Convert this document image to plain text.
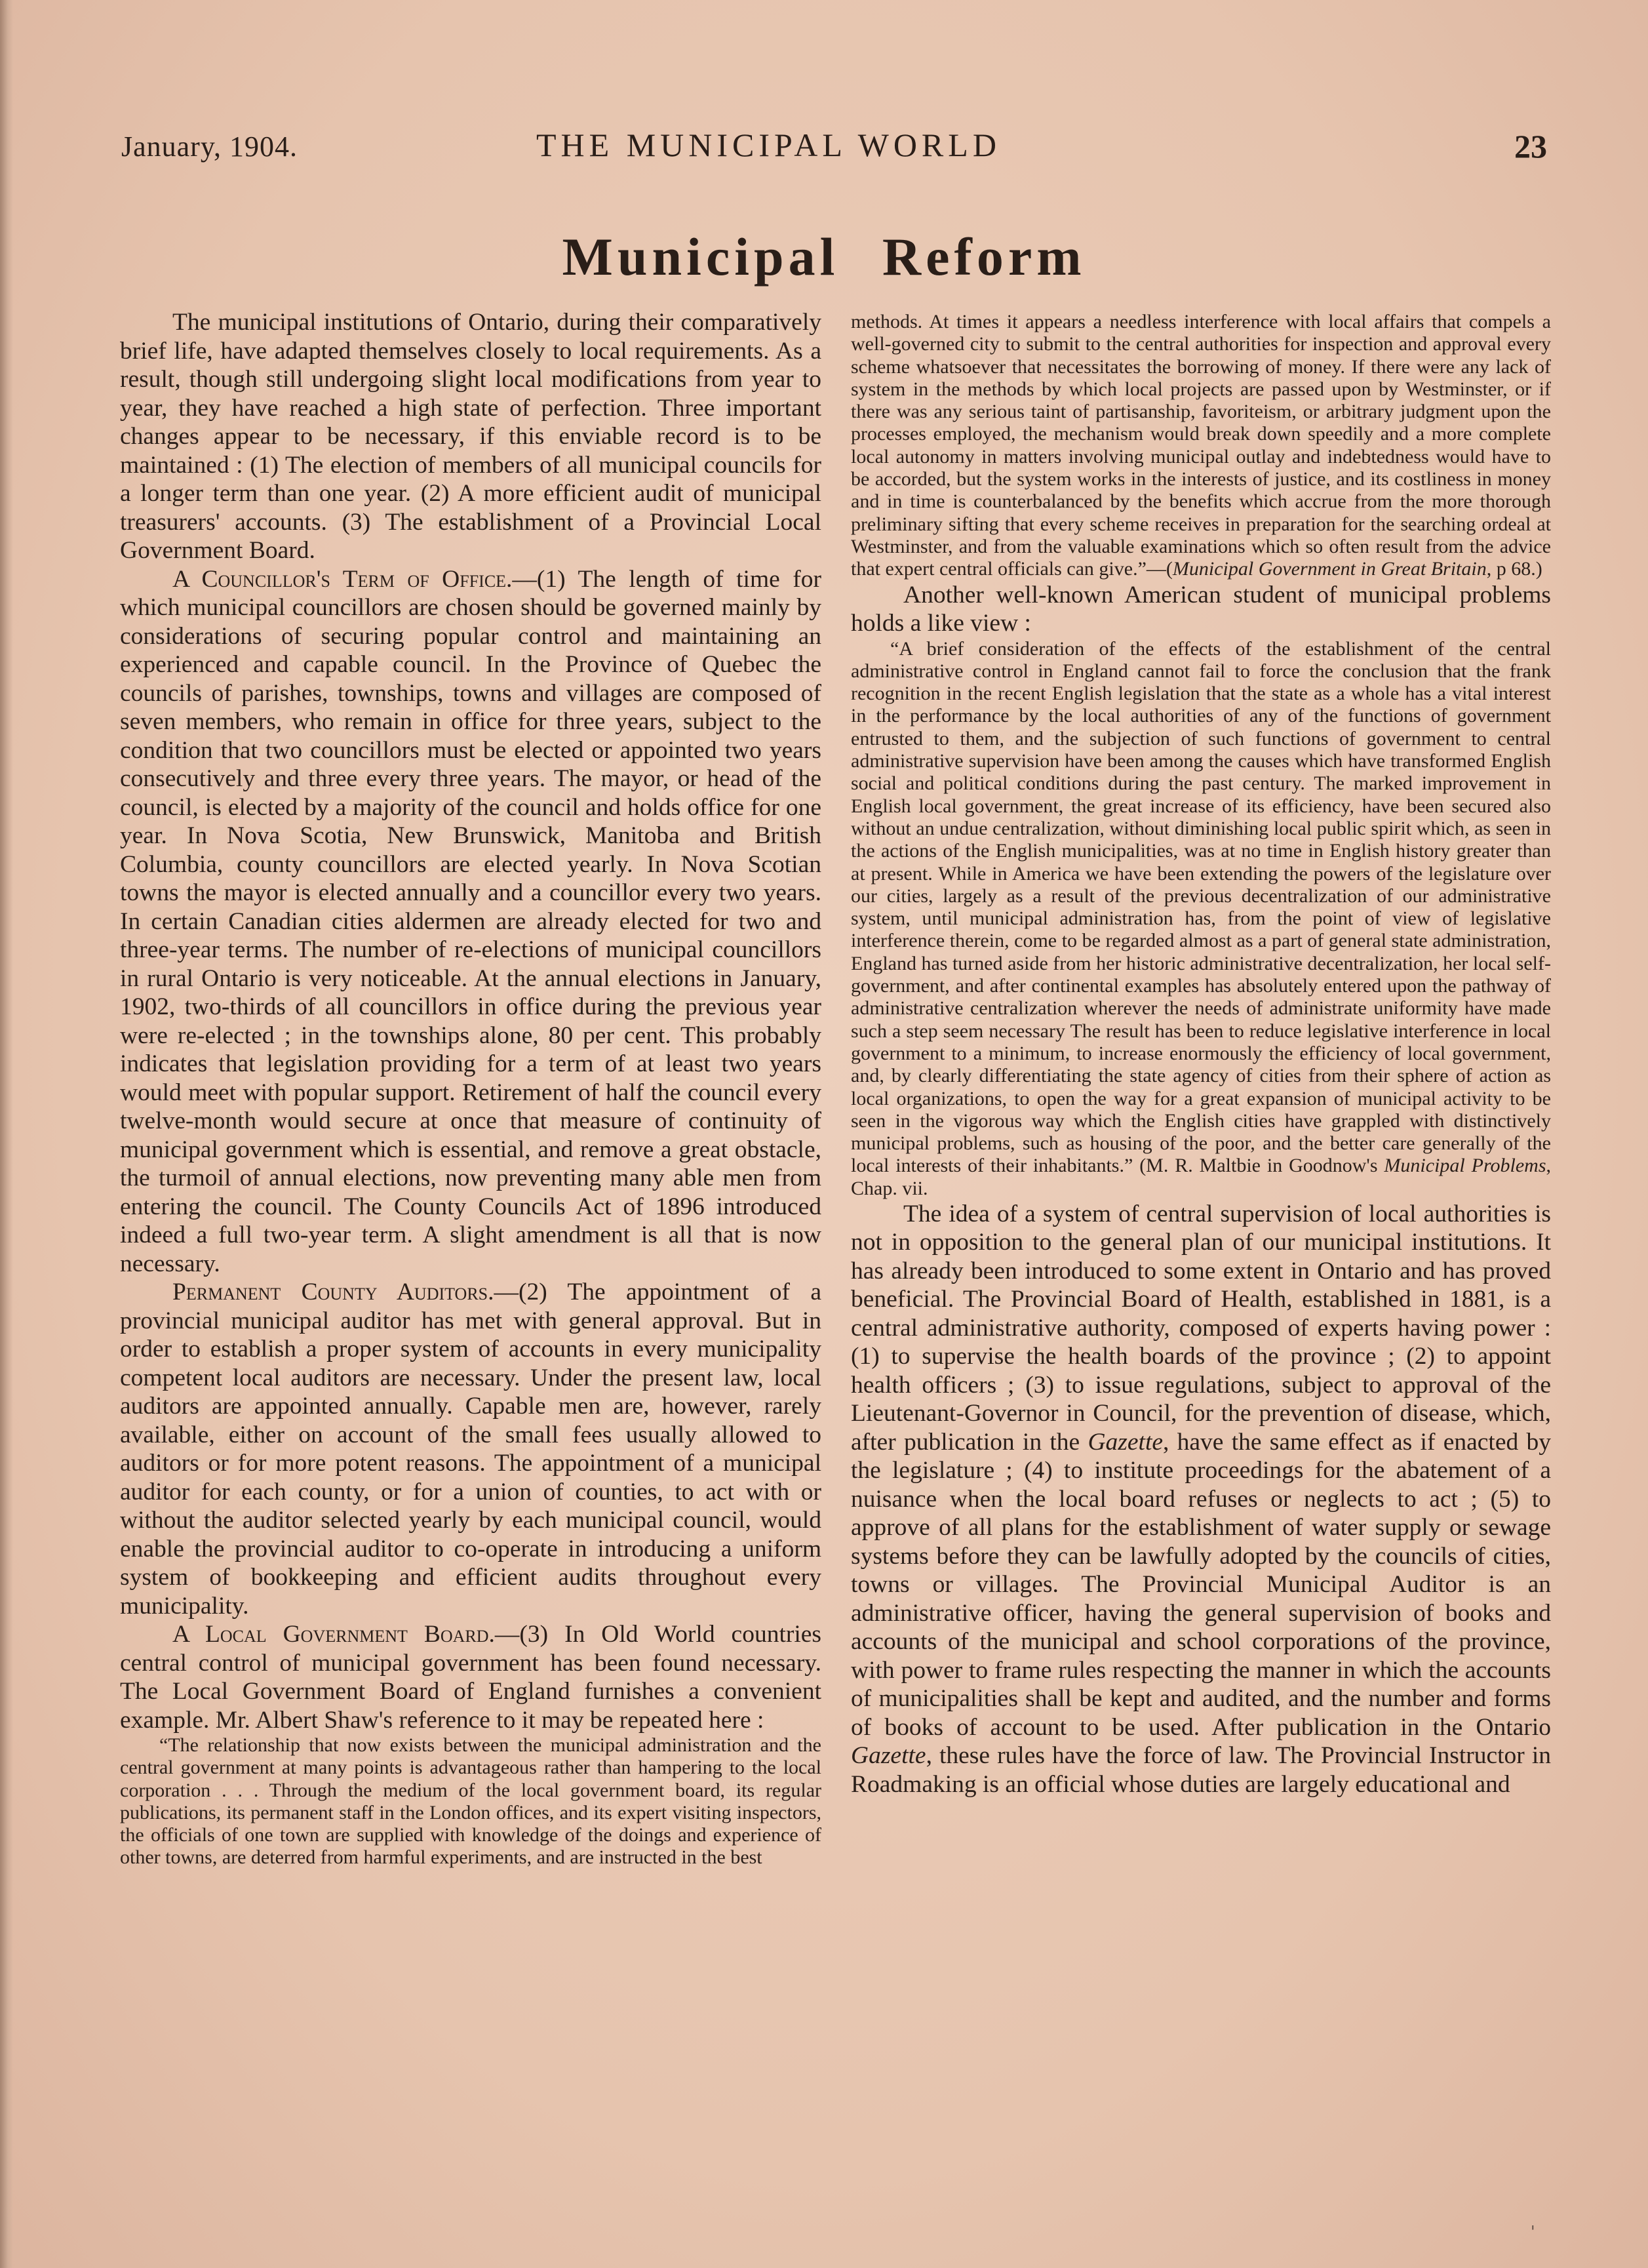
January, 1904.	THE MUNICIPAL WORLD	23
Municipal Reform

The municipal institutions of Ontario, during their comparatively brief life, have adapted themselves closely to local requirements. As a result, though still undergoing slight local modifications from year to year, they have reached a high state of perfection. Three important changes appear to be necessary, if this enviable record is to be maintained : (1) The election of members of all municipal councils for a longer term than one year. (2) A more efficient audit of municipal treasurers' accounts. (3) The establishment of a Provincial Local Government Board.

A Councillor's Term of Office.—(1) The length of time for which municipal councillors are chosen should be governed mainly by considerations of securing popular control and maintaining an experienced and capable council. In the Province of Quebec the councils of parishes, townships, towns and villages are composed of seven members, who remain in office for three years, subject to the condition that two councillors must be elected or appointed two years consecutively and three every three years. The mayor, or head of the council, is elected by a majority of the council and holds office for one year. In Nova Scotia, New Brunswick, Manitoba and British Columbia, county councillors are elected yearly. In Nova Scotian towns the mayor is elected annually and a councillor every two years. In certain Canadian cities aldermen are already elected for two and three-year terms. The number of re-elections of municipal councillors in rural Ontario is very noticeable. At the annual elections in January, 1902, two-thirds of all councillors in office during the previous year were re-elected ; in the townships alone, 80 per cent. This probably indicates that legislation providing for a term of at least two years would meet with popular support. Retirement of half the council every twelve-month would secure at once that measure of continuity of municipal government which is essential, and remove a great obstacle, the turmoil of annual elections, now preventing many able men from entering the council. The County Councils Act of 1896 introduced indeed a full two-year term. A slight amendment is all that is now necessary.

Permanent County Auditors.—(2) The appointment of a provincial municipal auditor has met with general approval. But in order to establish a proper system of accounts in every municipality competent local auditors are necessary. Under the present law, local auditors are appointed annually. Capable men are, however, rarely available, either on account of the small fees usually allowed to auditors or for more potent reasons. The appointment of a municipal auditor for each county, or for a union of counties, to act with or without the auditor selected yearly by each municipal council, would enable the provincial auditor to co-operate in introducing a uniform system of bookkeeping and efficient audits throughout every municipality.

A Local Government Board.—(3) In Old World countries central control of municipal government has been found necessary. The Local Government Board of England furnishes a convenient example. Mr. Albert Shaw's reference to it may be repeated here :

“The relationship that now exists between the municipal administration and the central government at many points is advantageous rather than hampering to the local corporation . . . Through the medium of the local government board, its regular publications, its permanent staff in the London offices, and its expert visiting inspectors, the officials of one town are supplied with knowledge of the doings and experience of other towns, are deterred from harmful experiments, and are instructed in the best

methods. At times it appears a needless interference with local affairs that compels a well-governed city to submit to the central authorities for inspection and approval every scheme whatsoever that necessitates the borrowing of money. If there were any lack of system in the methods by which local projects are passed upon by Westminster, or if there was any serious taint of partisanship, favoriteism, or arbitrary judgment upon the processes employed, the mechanism would break down speedily and a more complete local autonomy in matters involving municipal outlay and indebtedness would have to be accorded, but the system works in the interests of justice, and its costliness in money and in time is counterbalanced by the benefits which accrue from the more thorough preliminary sifting that every scheme receives in preparation for the searching ordeal at Westminster, and from the valuable examinations which so often result from the advice that expert central officials can give.”—(Municipal Government in Great Britain, p 68.)

Another well-known American student of municipal problems holds a like view :

“A brief consideration of the effects of the establishment of the central administrative control in England cannot fail to force the conclusion that the frank recognition in the recent English legislation that the state as a whole has a vital interest in the performance by the local authorities of any of the functions of government entrusted to them, and the subjection of such functions of government to central administrative supervision have been among the causes which have transformed English social and political conditions during the past century. The marked improvement in English local government, the great increase of its efficiency, have been secured also without an undue centralization, without diminishing local public spirit which, as seen in the actions of the English municipalities, was at no time in English history greater than at present. While in America we have been extending the powers of the legislature over our cities, largely as a result of the previous decentralization of our administrative system, until municipal administration has, from the point of view of legislative interference therein, come to be regarded almost as a part of general state administration, England has turned aside from her historic administrative decentralization, her local self-government, and after continental examples has absolutely entered upon the pathway of administrative centralization wherever the needs of administrate uniformity have made such a step seem necessary The result has been to reduce legislative interference in local government to a minimum, to increase enormously the efficiency of local government, and, by clearly differentiating the state agency of cities from their sphere of action as local organizations, to open the way for a great expansion of municipal activity to be seen in the vigorous way which the English cities have grappled with distinctively municipal problems, such as housing of the poor, and the better care generally of the local interests of their inhabitants.” (M. R. Maltbie in Goodnow's Municipal Problems, Chap. vii.

The idea of a system of central supervision of local authorities is not in opposition to the general plan of our municipal institutions. It has already been introduced to some extent in Ontario and has proved beneficial. The Provincial Board of Health, established in 1881, is a central administrative authority, composed of experts having power : (1) to supervise the health boards of the province ; (2) to appoint health officers ; (3) to issue regulations, subject to approval of the Lieutenant-Governor in Council, for the prevention of disease, which, after publication in the Gazette, have the same effect as if enacted by the legislature ; (4) to institute proceedings for the abatement of a nuisance when the local board refuses or neglects to act ; (5) to approve of all plans for the establishment of water supply or sewage systems before they can be lawfully adopted by the councils of cities, towns or villages. The Provincial Municipal Auditor is an administrative officer, having the general supervision of books and accounts of the municipal and school corporations of the province, with power to frame rules respecting the manner in which the accounts of municipalities shall be kept and audited, and the number and forms of books of account to be used. After publication in the Ontario Gazette, these rules have the force of law. The Provincial Instructor in Roadmaking is an official whose duties are largely educational and

'
